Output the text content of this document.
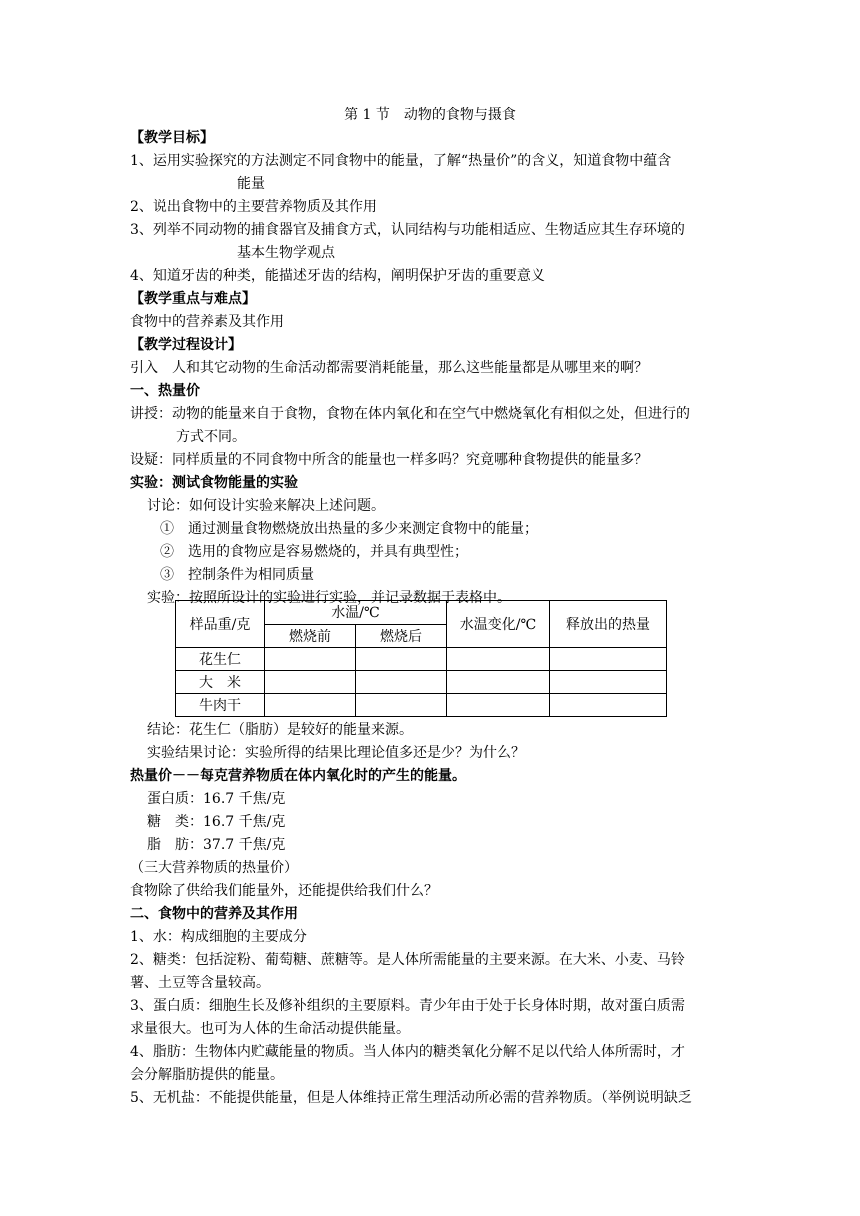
第 1 节　动物的食物与摄食
【教学目标】
1、运用实验探究的方法测定不同食物中的能量，了解“热量价”的含义，知道食物中蕴含
能量
2、说出食物中的主要营养物质及其作用
3、列举不同动物的捕食器官及捕食方式，认同结构与功能相适应、生物适应其生存环境的
基本生物学观点
4、知道牙齿的种类，能描述牙齿的结构，阐明保护牙齿的重要意义
【教学重点与难点】
食物中的营养素及其作用
【教学过程设计】
引入　人和其它动物的生命活动都需要消耗能量，那么这些能量都是从哪里来的啊？
一、热量价
讲授：动物的能量来自于食物，食物在体内氧化和在空气中燃烧氧化有相似之处，但进行的
方式不同。
设疑：同样质量的不同食物中所含的能量也一样多吗？究竟哪种食物提供的能量多？
实验：测试食物能量的实验
讨论：如何设计实验来解决上述问题。
①　通过测量食物燃烧放出热量的多少来测定食物中的能量；
②　选用的食物应是容易燃烧的，并具有典型性；
③　控制条件为相同质量
实验：按照所设计的实验进行实验，并记录数据于表格中。
样品重/克	水温/℃		水温变化/℃	释放出的热量
	燃烧前	燃烧后		
花生仁				
大　米				
牛肉干				
结论：花生仁（脂肪）是较好的能量来源。
实验结果讨论：实验所得的结果比理论值多还是少？为什么？
热量价－－每克营养物质在体内氧化时的产生的能量。
蛋白质：16.7 千焦/克
糖　类：16.7 千焦/克
脂　肪：37.7 千焦/克
（三大营养物质的热量价）
食物除了供给我们能量外，还能提供给我们什么？
二、食物中的营养及其作用
1、水：构成细胞的主要成分
2、糖类：包括淀粉、葡萄糖、蔗糖等。是人体所需能量的主要来源。在大米、小麦、马铃
薯、土豆等含量较高。
3、蛋白质：细胞生长及修补组织的主要原料。青少年由于处于长身体时期，故对蛋白质需
求量很大。也可为人体的生命活动提供能量。
4、脂肪：生物体内贮藏能量的物质。当人体内的糖类氧化分解不足以代给人体所需时，才
会分解脂肪提供的能量。
5、无机盐：不能提供能量，但是人体维持正常生理活动所必需的营养物质。（举例说明缺乏
